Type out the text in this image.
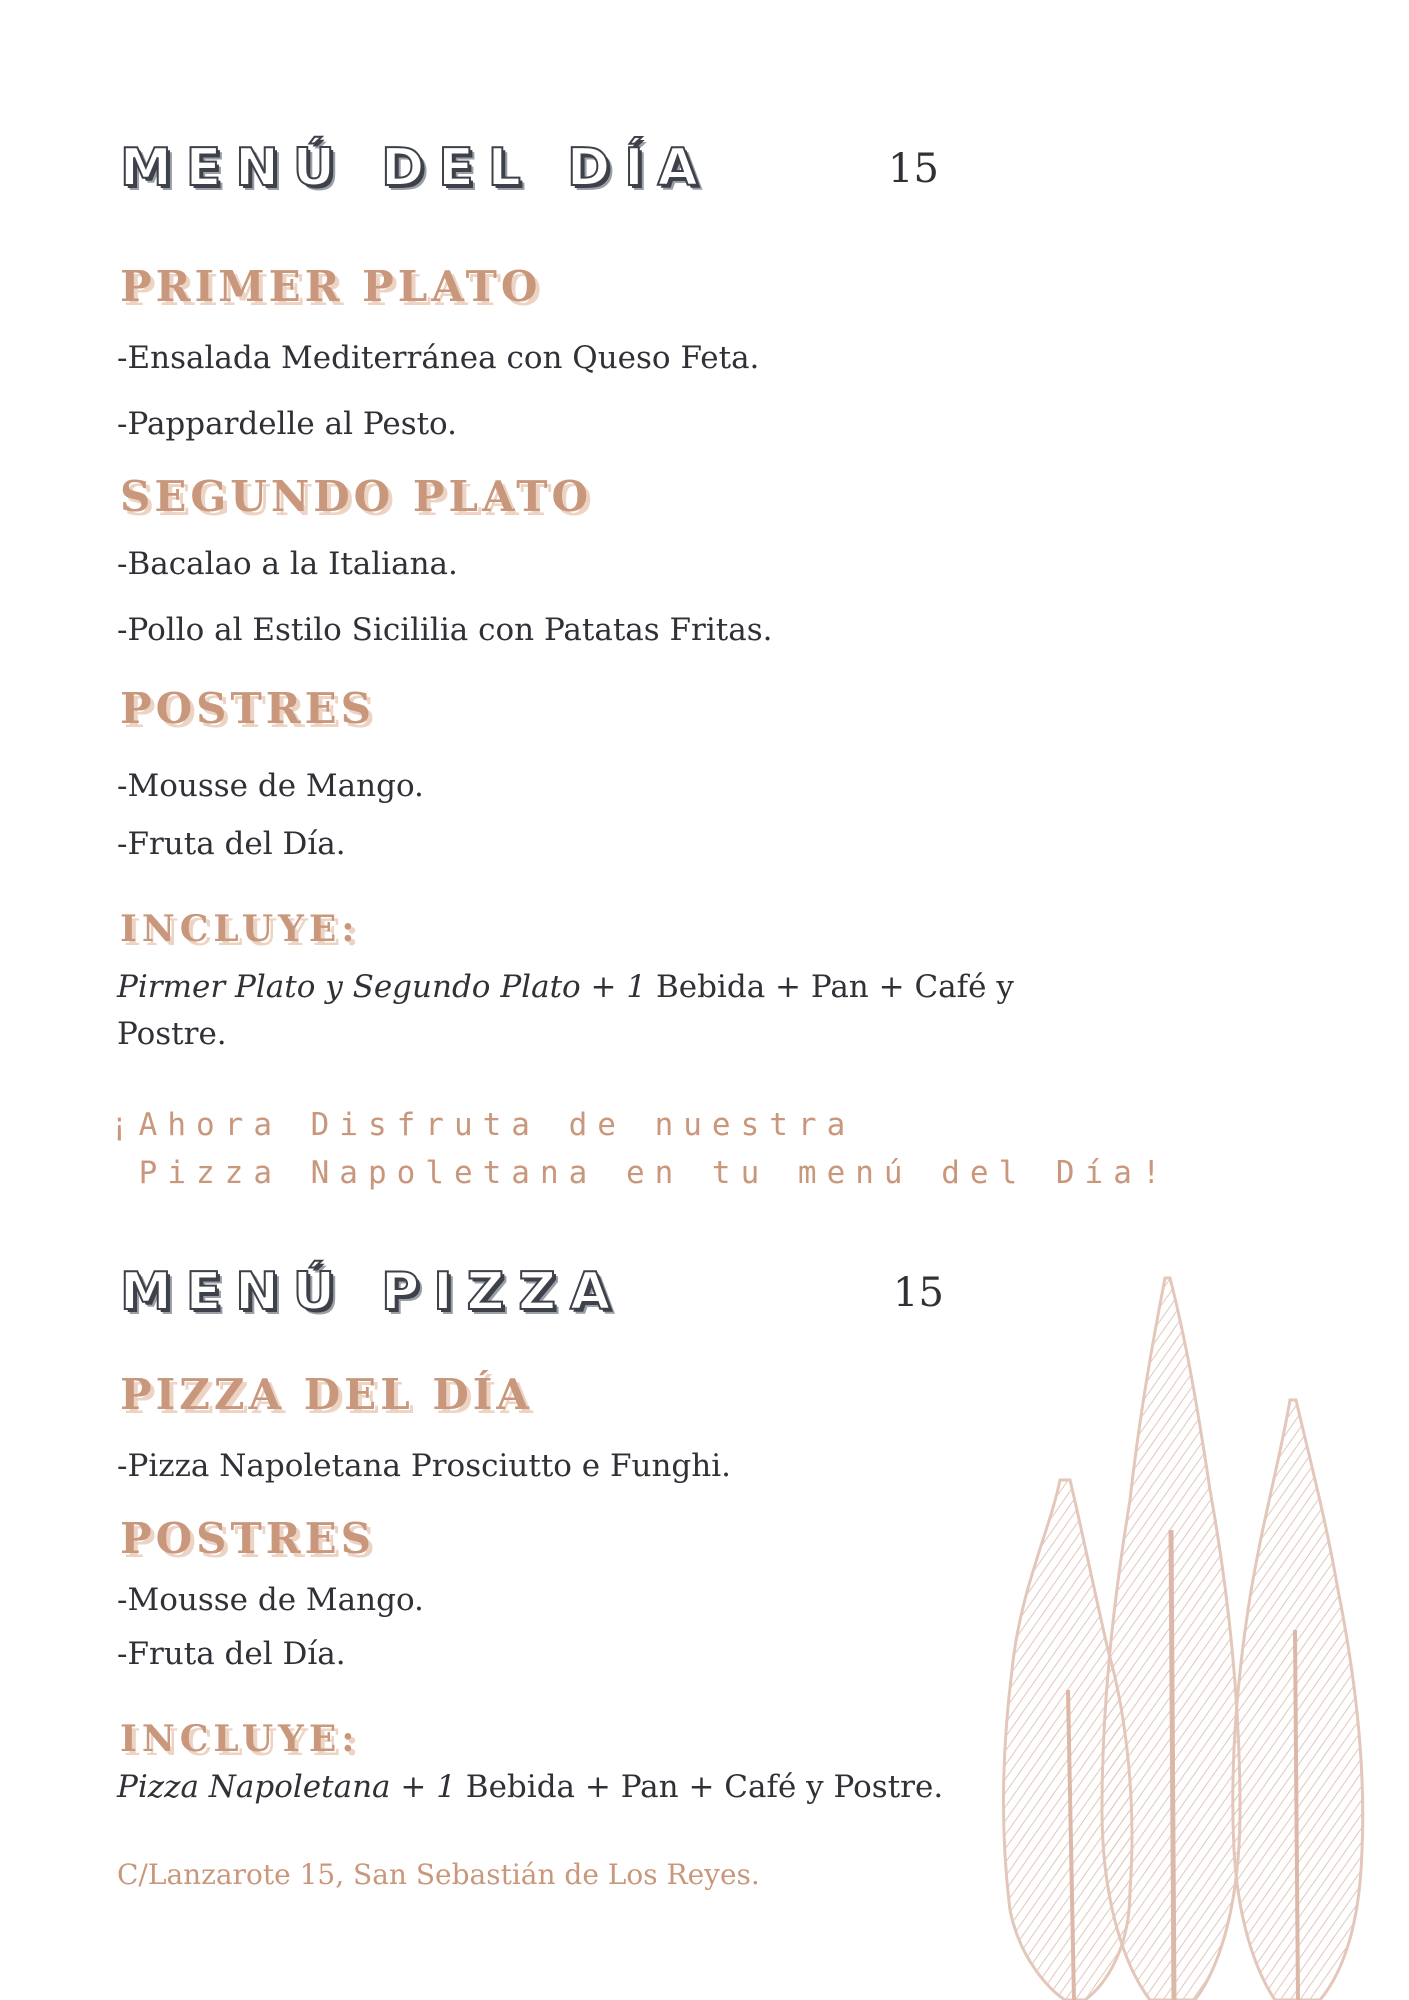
MENÚ DEL DÍA	15
PRIMER PLATO
-Ensalada Mediterránea con Queso Feta.
-Pappardelle al Pesto.
SEGUNDO PLATO
-Bacalao a la Italiana.
-Pollo al Estilo Sicililia con Patatas Fritas.
POSTRES
-Mousse de Mango.
-Fruta del Día.
INCLUYE:

Pirmer Plato y Segundo Plato + 1 Bebida + Pan + Café y Postre.

¡Ahora Disfruta de nuestra
Pizza Napoletana en tu menú del Día!
MENÚ PIZZA	15
PIZZA DEL DÍA
-Pizza Napoletana Prosciutto e Funghi.
POSTRES
-Mousse de Mango.
-Fruta del Día.
INCLUYE:

Pizza Napoletana + 1 Bebida + Pan + Café y Postre.

C/Lanzarote 15, San Sebastián de Los Reyes.
